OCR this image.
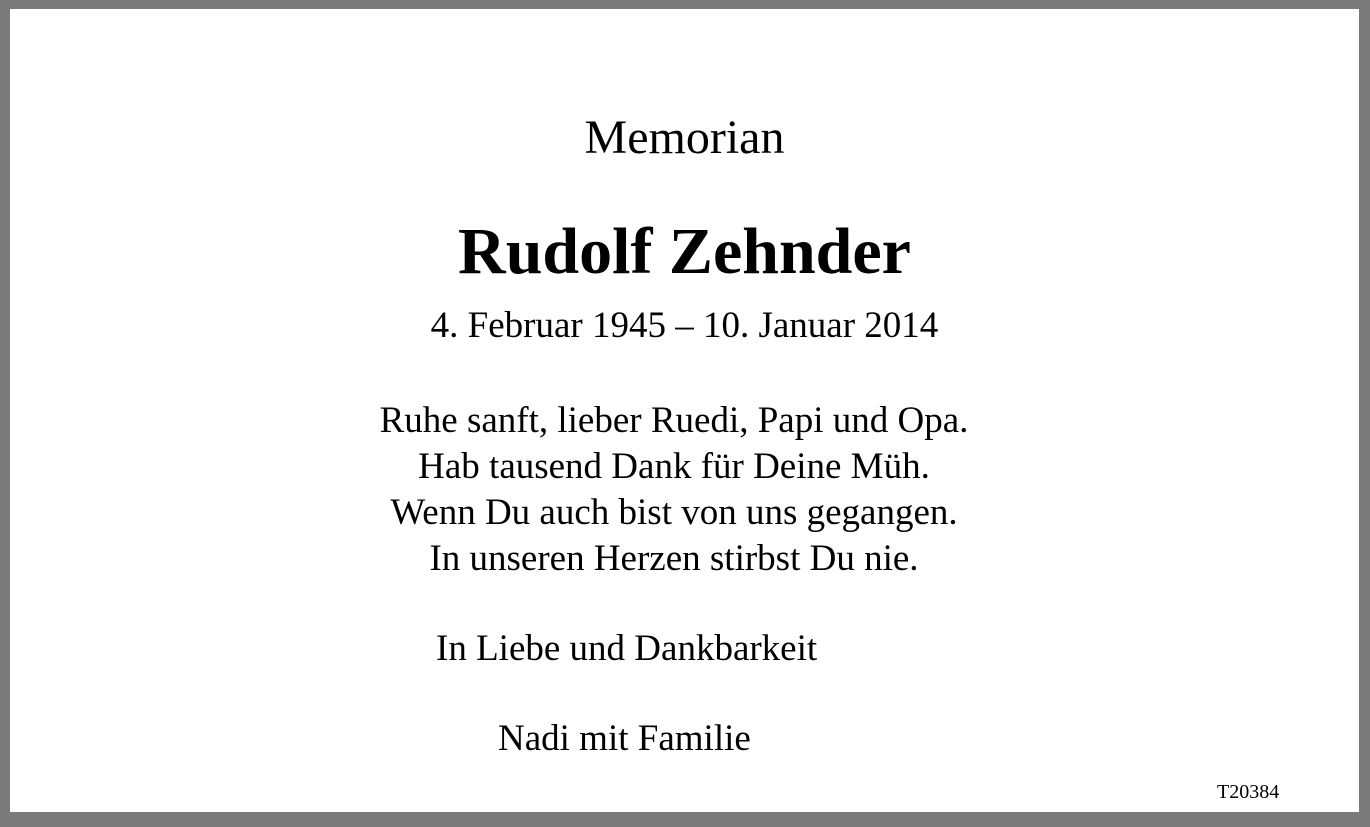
Memorian
Rudolf Zehnder
4. Februar 1945 – 10. Januar 2014
Ruhe sanft, lieber Ruedi, Papi und Opa.
Hab tausend Dank für Deine Müh.
Wenn Du auch bist von uns gegangen.
In unseren Herzen stirbst Du nie.
In Liebe und Dankbarkeit
Nadi mit Familie
T20384
